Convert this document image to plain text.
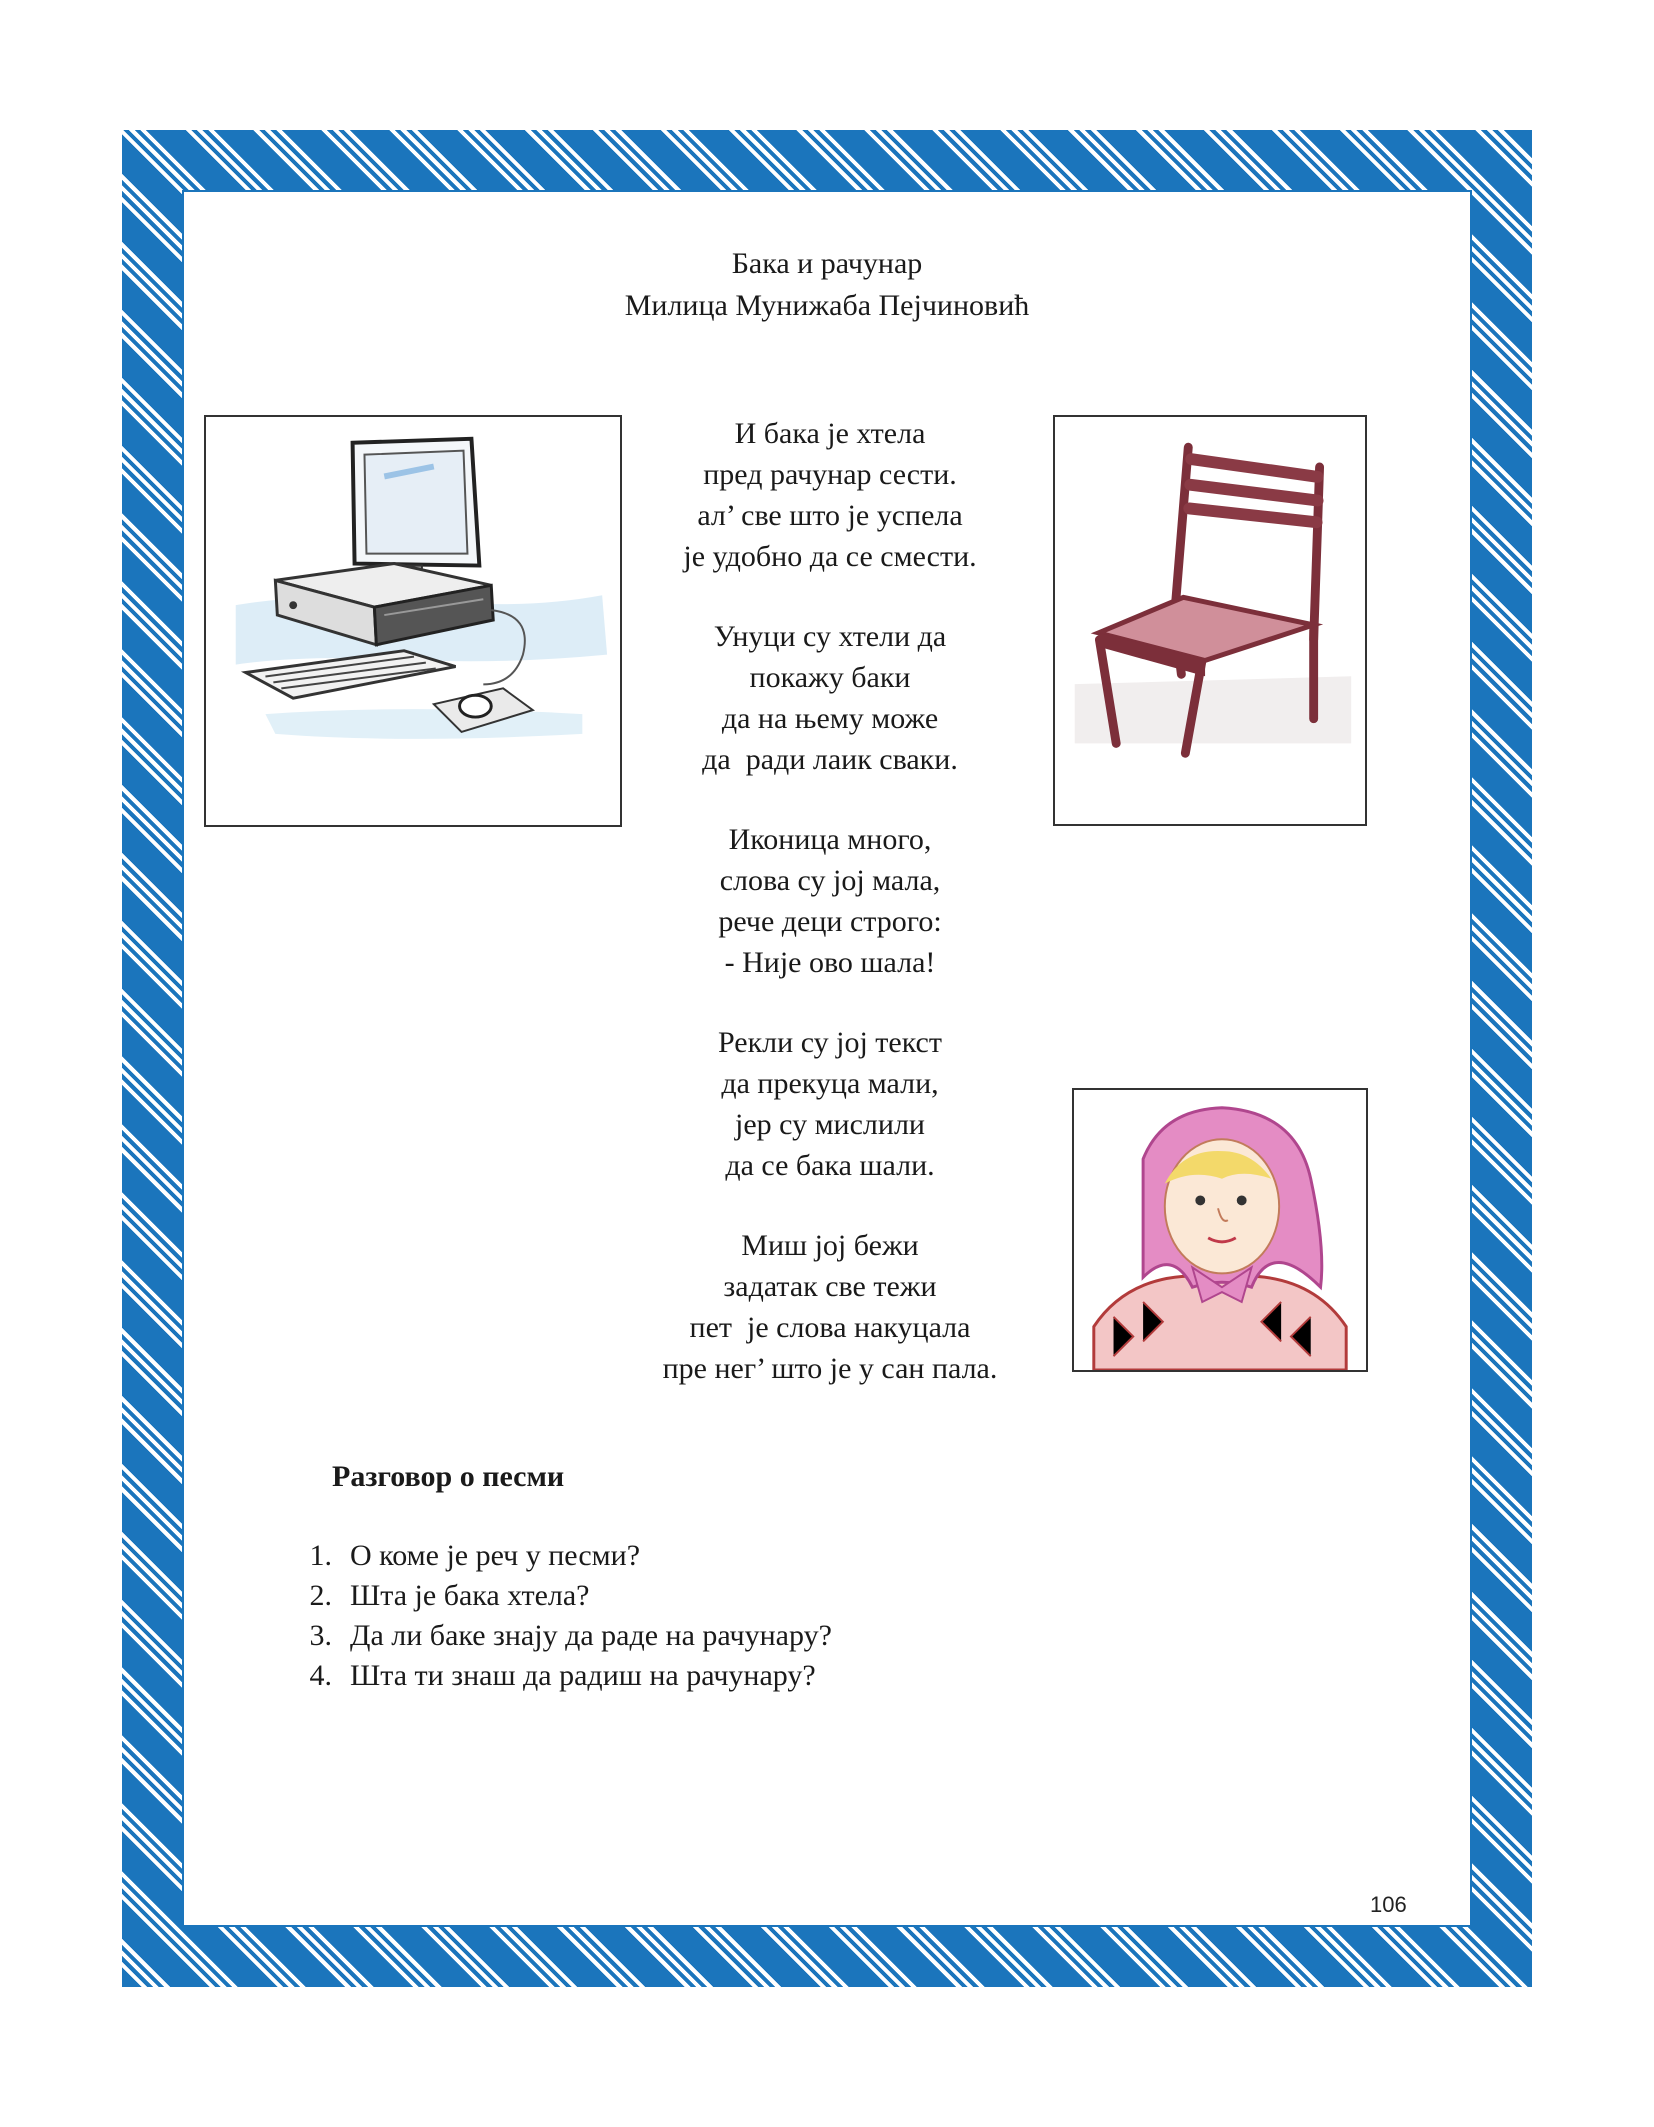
Бака и рачунар
Милица Мунижаба Пејчиновић
И бака је хтела
пред рачунар сести.
ал’ све што је успела
је удобно да се смести.
Унуци су хтели да
покажу баки
да на њему може
да  ради лаик сваки.
Иконица много,
слова су јој мала,
рече деци строго:
- Није ово шала!
Рекли су јој текст
да прекуца мали,
јер су мислили
да се бака шали.
Миш јој бежи
задатак све тежи
пет  је слова накуцала
пре нег’ што је у сан пала.
Разговор о песми
1. О коме је реч у песми?
2. Шта је бака хтела?
3. Да ли баке знају да раде на рачунару?
4. Шта ти знаш да радиш на рачунару?
106
